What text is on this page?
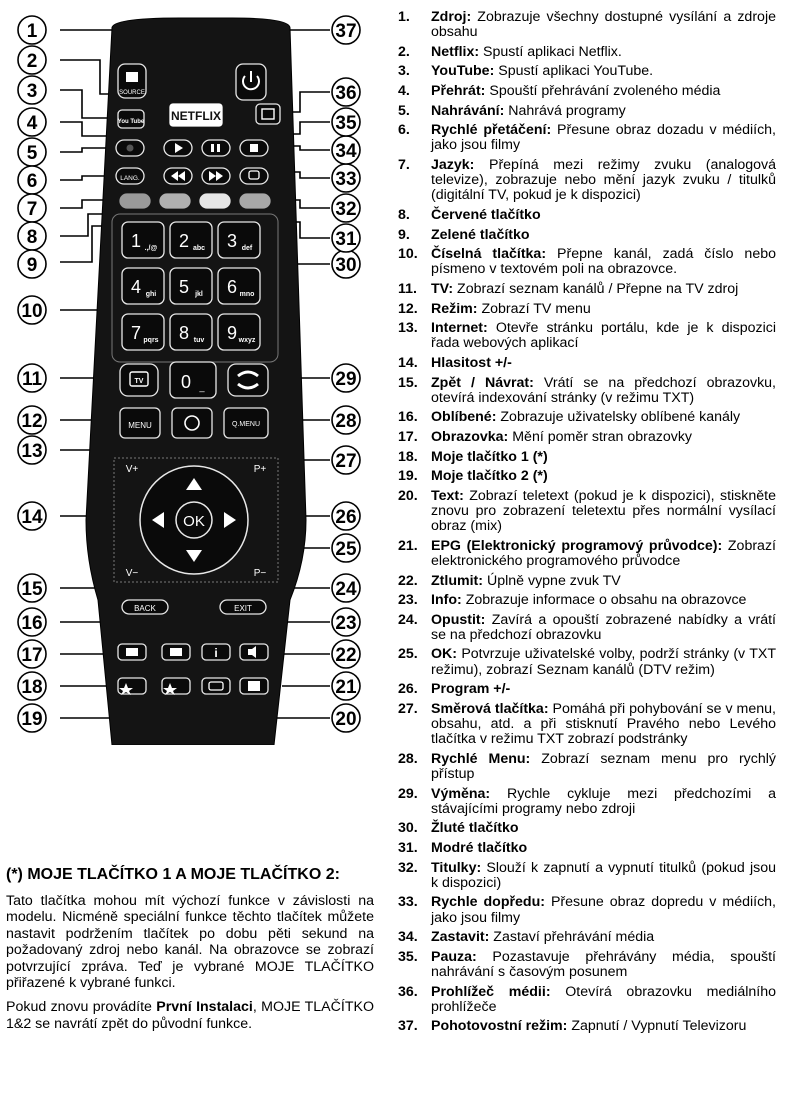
1
2
3
4
5
6
7
8
9
10
11
12
13
14
15
16
17
18
19	20
21
22
23
24
25
26
27
28
29
30
31
32
33
34
35
36
37
SOURCE
You Tube NETFLIX
LANG.
1 .,/@ 2 abc 3 def
4 ghi 5 jkl 6 mno
7 pqrs 8 tuv 9 wxyz
TV 0 _
MENU	Q.MENU
V+
V−
P+
P−
OK
BACK	EXIT
i
1. Zdroj: Zobrazuje všechny dostupné vysílání a zdroje obsahu
2. Netflix: Spustí aplikaci Netflix.
3. YouTube: Spustí aplikaci YouTube.
4. Přehrát: Spouští přehrávání zvoleného média
5. Nahrávání: Nahrává programy
6. Rychlé přetáčení: Přesune obraz dozadu v médiích, jako jsou filmy
7. Jazyk: Přepíná mezi režimy zvuku (analogová televize), zobrazuje nebo mění jazyk zvuku / titulků (digitální TV, pokud je k dispozici)
8. Červené tlačítko
9. Zelené tlačítko
10. Číselná tlačítka: Přepne kanál, zadá číslo nebo písmeno v textovém poli na obrazovce.
11. TV: Zobrazí seznam kanálů / Přepne na TV zdroj
12. Režim: Zobrazí TV menu
13. Internet: Otevře stránku portálu, kde je k dispozici řada webových aplikací
14. Hlasitost +/-
15. Zpět / Návrat: Vrátí se na předchozí obrazovku, otevírá indexování stránky (v režimu TXT)
16. Oblíbené: Zobrazuje uživatelsky oblíbené kanály
17. Obrazovka: Mění poměr stran obrazovky
18. Moje tlačítko 1 (*)
19. Moje tlačítko 2 (*)
20. Text: Zobrazí teletext (pokud je k dispozici), stiskněte znovu pro zobrazení teletextu přes normální vysílací obraz (mix)
21. EPG (Elektronický programový průvodce): Zobrazí elektronického programového průvodce
22. Ztlumit: Úplně vypne zvuk TV
23. Info: Zobrazuje informace o obsahu na obrazovce
24. Opustit: Zavírá a opouští zobrazené nabídky a vrátí se na předchozí obrazovku
25. OK: Potvrzuje uživatelské volby, podrží stránky (v TXT režimu), zobrazí Seznam kanálů (DTV režim)
26. Program +/-
27. Směrová tlačítka: Pomáhá při pohybování se v menu, obsahu, atd. a při stisknutí Pravého nebo Levého tlačítka v režimu TXT zobrazí podstránky
28. Rychlé Menu: Zobrazí seznam menu pro rychlý přístup
29. Výměna: Rychle cykluje mezi předchozími a stávajícími programy nebo zdroji
30. Žluté tlačítko
31. Modré tlačítko
32. Titulky: Slouží k zapnutí a vypnutí titulků (pokud jsou k dispozici)
33. Rychle dopředu: Přesune obraz dopredu v médiích, jako jsou filmy
34. Zastavit: Zastaví přehrávání média
35. Pauza: Pozastavuje přehrávány média, spouští nahrávání s časovým posunem
36. Prohlížeč médii: Otevírá obrazovku mediálního prohlížeče
37. Pohotovostní režim: Zapnutí / Vypnutí Televizoru
(*) MOJE TLAČÍTKO 1 A MOJE TLAČÍTKO 2:

Tato tlačítka mohou mít výchozí funkce v závislosti na modelu. Nicméně speciální funkce těchto tlačítek můžete nastavit podržením tlačítek po dobu pěti sekund na požadovaný zdroj nebo kanál. Na obrazovce se zobrazí potvrzující zpráva. Teď je vybrané MOJE TLAČÍTKO přiřazené k vybrané funkci.

Pokud znovu provádíte První Instalaci, MOJE TLAČÍTKO 1&2 se navrátí zpět do původní funkce.
